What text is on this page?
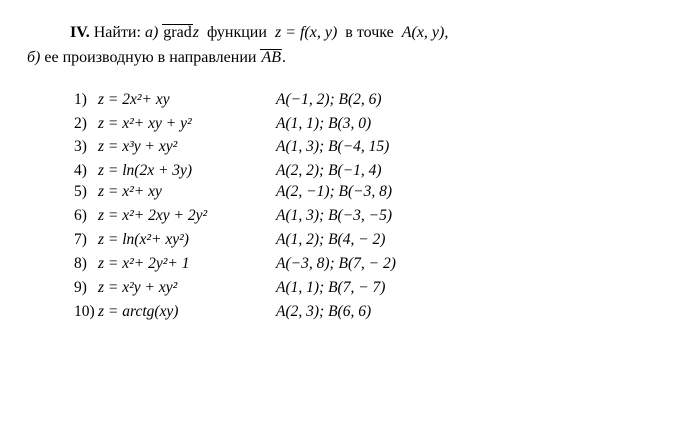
IV. Найти: а) gradz функции z = f(x, y) в точке A(x, y),
б) ее производную в направлении AB.
1) z = 2x²+ xy	A(−1, 2); B(2, 6)
2) z = x²+ xy + y²	A(1, 1); B(3, 0)
3) z = x³y + xy²	A(1, 3); B(−4, 15)
4) z = ln(2x + 3y)	A(2, 2); B(−1, 4)
5) z = x²+ xy	A(2, −1); B(−3, 8)
6) z = x²+ 2xy + 2y²	A(1, 3); B(−3, −5)
7) z = ln(x²+ xy²)	A(1, 2); B(4, − 2)
8) z = x²+ 2y²+ 1	A(−3, 8); B(7, − 2)
9) z = x²y + xy²	A(1, 1); B(7, − 7)
10) z = arctg(xy)	A(2, 3); B(6, 6)
